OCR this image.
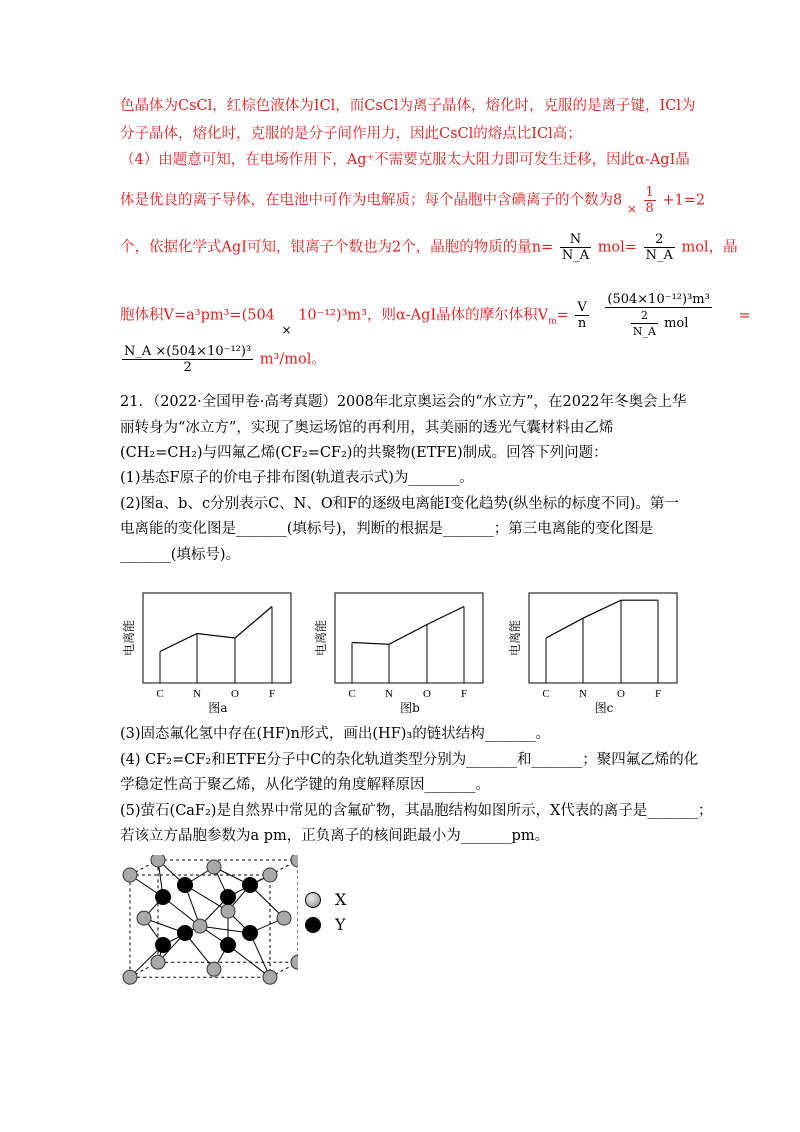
色晶体为CsCl，红棕色液体为ICl，而CsCl为离子晶体，熔化时，克服的是离子键，ICl为
分子晶体，熔化时，克服的是分子间作用力，因此CsCl的熔点比ICl高；
（4）由题意可知，在电场作用下，Ag⁺不需要克服太大阻力即可发生迁移，因此α-AgI晶
体是优良的离子导体，在电池中可作为电解质；每个晶胞中含碘离子的个数为8 $_\times \frac{1}{8} +1=2$
个，依据化学式AgI可知，银离子个数也为2个，晶胞的物质的量$n= \frac{N}{N\_A} mol= \frac{2}{N\_A}$ mol，晶
胞体积V=a³pm³=(504 $_\times$ 10⁻¹²)³m³，则α-AgI晶体的摩尔体积$V_m= \frac{V}{n}$
$\frac{\text{(504×10⁻¹²)³m³}}{\frac{2}{N\_A} mol}$ =
$\frac{\text{N\_A ×(504×10⁻¹²)³}}{2} m^3/mol$。
21．（2022·全国甲卷·高考真题）2008年北京奥运会的“水立方”，在2022年冬奥会上华
丽转身为“冰立方”，实现了奥运场馆的再利用，其美丽的透光气囊材料由乙烯
(CH₂=CH₂)与四氟乙烯(CF₂=CF₂)的共聚物(ETFE)制成。回答下列问题：
(1)基态F原子的价电子排布图(轨道表示式)为_______。
(2)图a、b、c分别表示C、N、O和F的逐级电离能Ⅰ变化趋势(纵坐标的标度不同)。第一
电离能的变化图是_______(填标号)，判断的根据是_______；第三电离能的变化图是
_______(填标号)。
C	N	O	F
电离能
图a
C	N	O	F
电离能
图b
C	N	O	F
电离能
图c
(3)固态氟化氢中存在(HF)n形式，画出(HF)₃的链状结构_______。
(4) CF₂=CF₂和ETFE分子中C的杂化轨道类型分别为_______和_______；聚四氟乙烯的化
学稳定性高于聚乙烯，从化学键的角度解释原因_______。
(5)萤石(CaF₂)是自然界中常见的含氟矿物，其晶胞结构如图所示，X代表的离子是_______；
若该立方晶胞参数为a pm，正负离子的核间距最小为_______pm。
X
Y
